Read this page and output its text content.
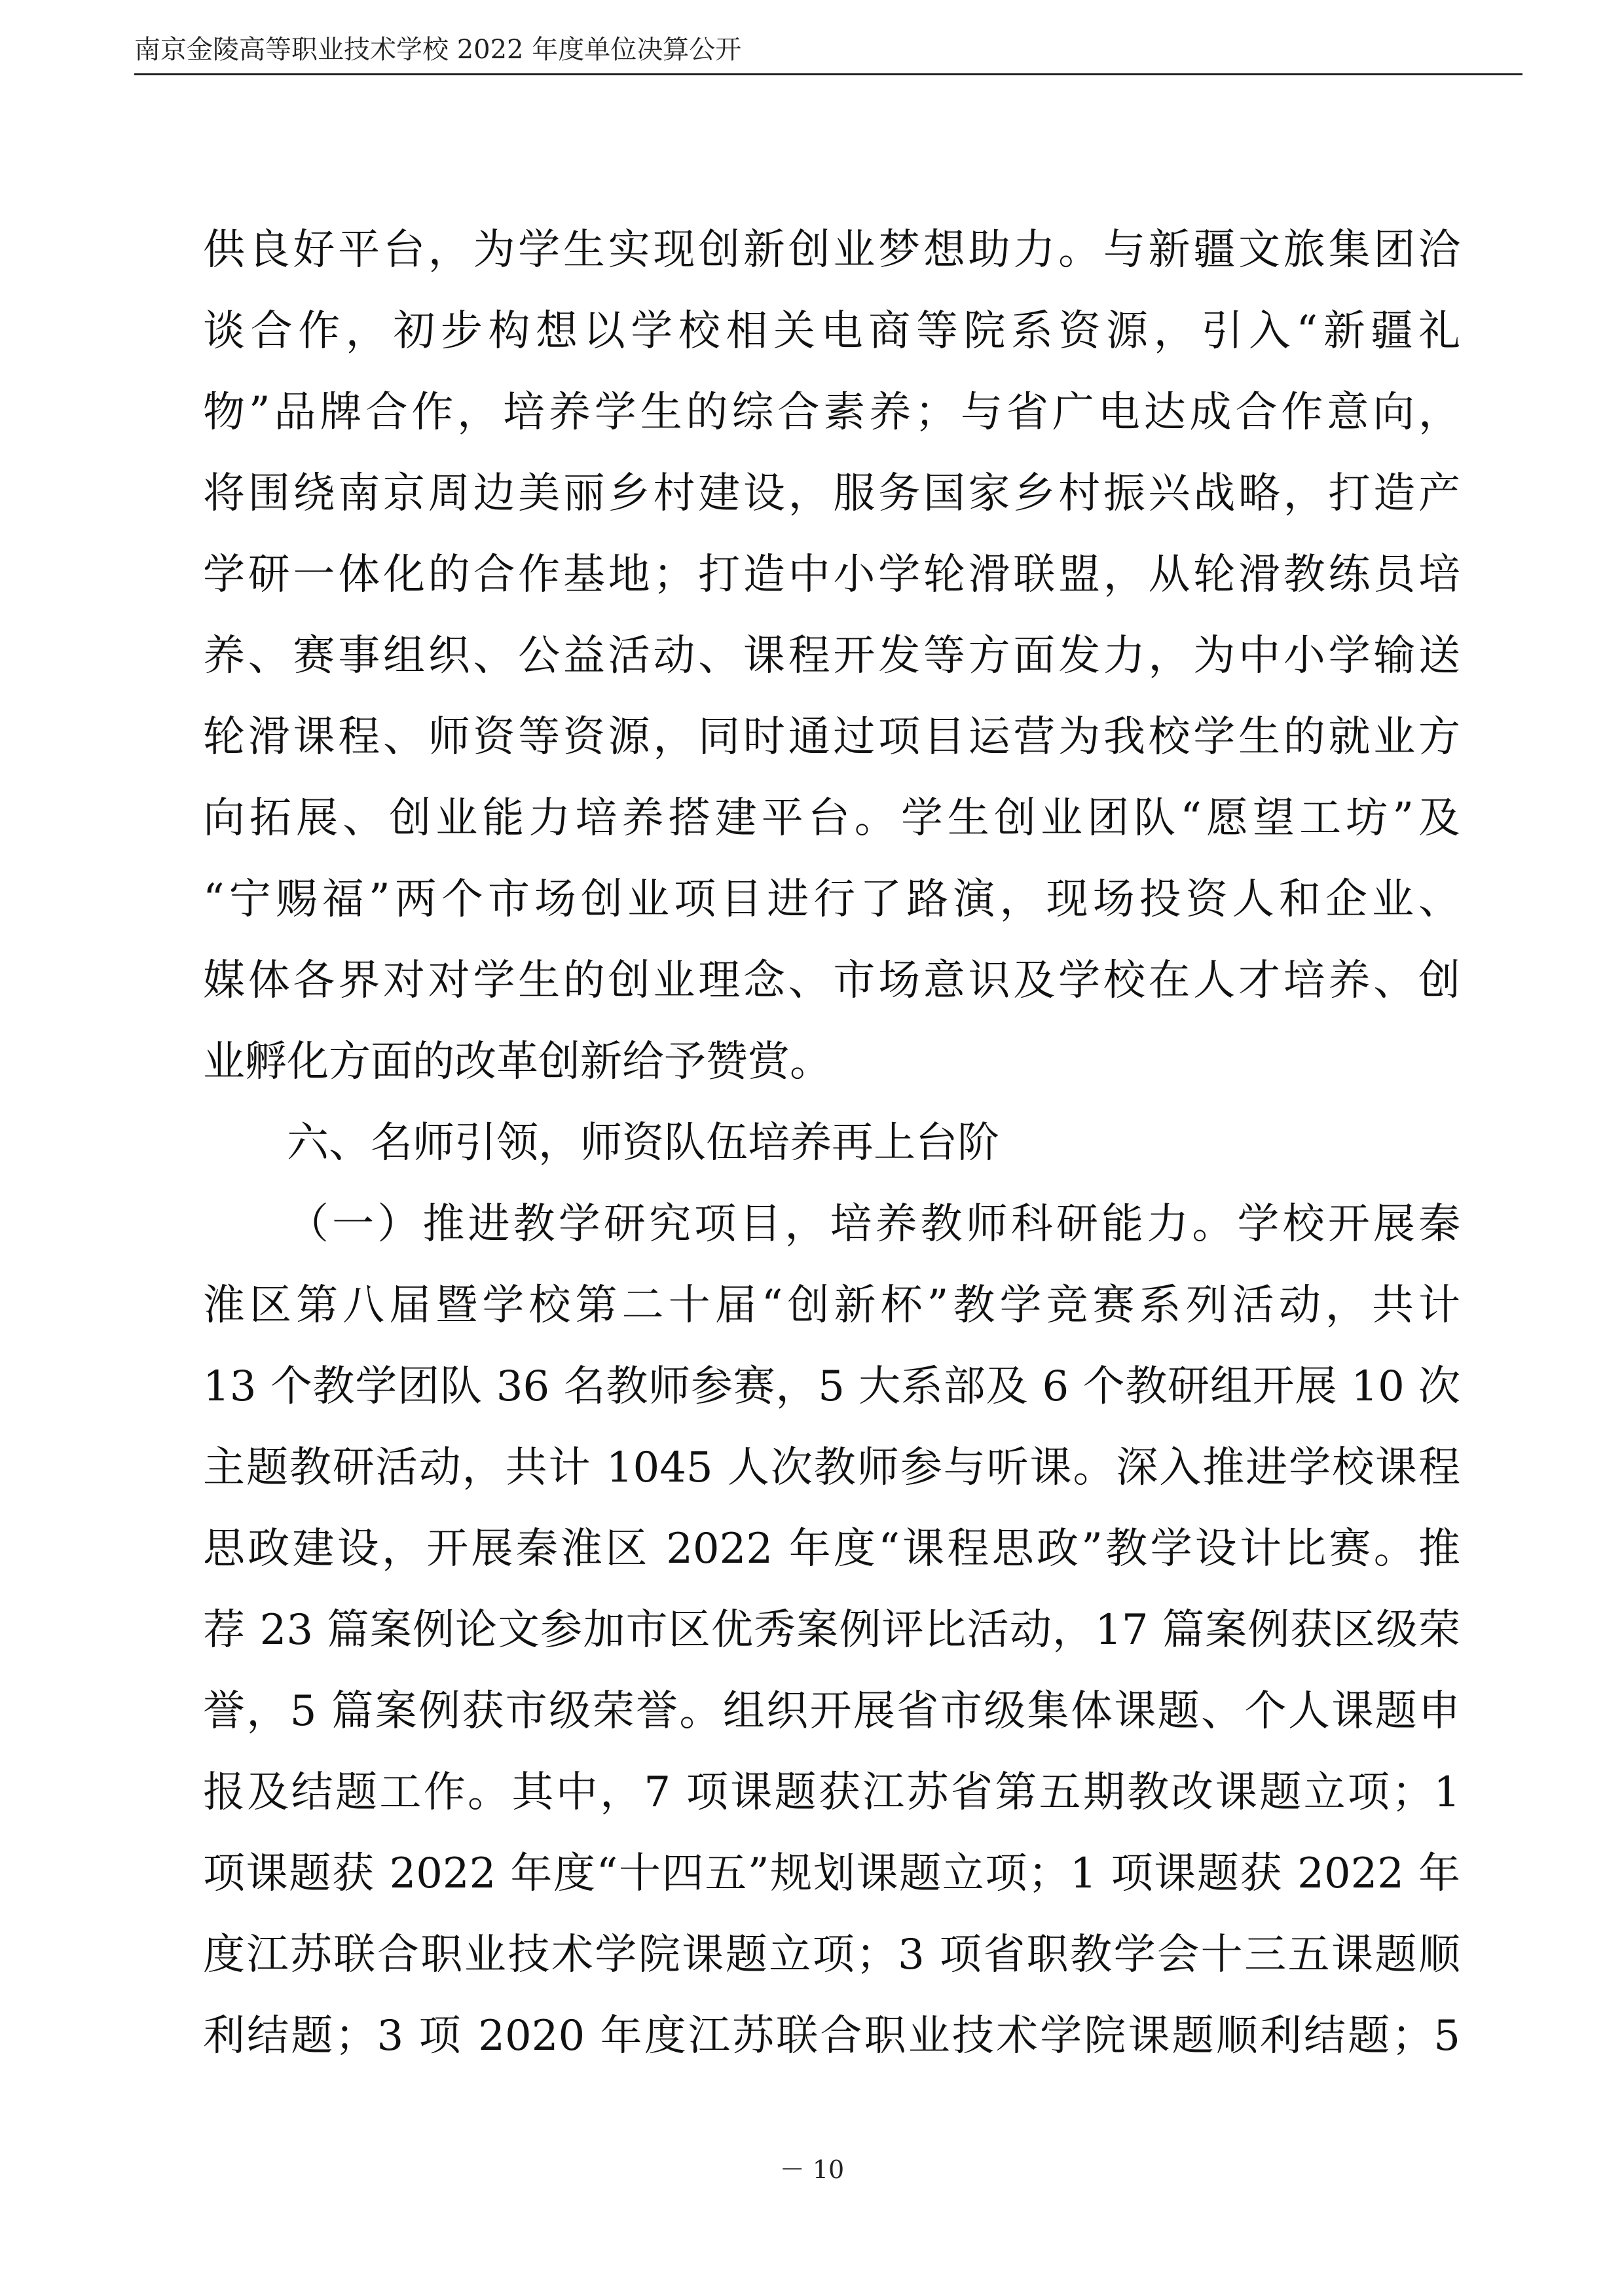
南京金陵高等职业技术学校 2022 年度单位决算公开
供良好平台，为学生实现创新创业梦想助力。与新疆文旅集团洽
谈合作，初步构想以学校相关电商等院系资源，引入“新疆礼
物”品牌合作，培养学生的综合素养；与省广电达成合作意向，
将围绕南京周边美丽乡村建设，服务国家乡村振兴战略，打造产
学研一体化的合作基地；打造中小学轮滑联盟，从轮滑教练员培
养、赛事组织、公益活动、课程开发等方面发力，为中小学输送
轮滑课程、师资等资源，同时通过项目运营为我校学生的就业方
向拓展、创业能力培养搭建平台。学生创业团队“愿望工坊”及
“宁赐福”两个市场创业项目进行了路演，现场投资人和企业、
媒体各界对对学生的创业理念、市场意识及学校在人才培养、创
业孵化方面的改革创新给予赞赏。
六、名师引领，师资队伍培养再上台阶
（一）推进教学研究项目，培养教师科研能力。学校开展秦
淮区第八届暨学校第二十届“创新杯”教学竞赛系列活动，共计
13 个教学团队 36 名教师参赛，5 大系部及 6 个教研组开展 10 次
主题教研活动，共计 1045 人次教师参与听课。深入推进学校课程
思政建设，开展秦淮区 2022 年度“课程思政”教学设计比赛。推
荐 23 篇案例论文参加市区优秀案例评比活动，17 篇案例获区级荣
誉，5 篇案例获市级荣誉。组织开展省市级集体课题、个人课题申
报及结题工作。其中，7 项课题获江苏省第五期教改课题立项；1
项课题获 2022 年度“十四五”规划课题立项；1 项课题获 2022 年
度江苏联合职业技术学院课题立项；3 项省职教学会十三五课题顺
利结题；3 项 2020 年度江苏联合职业技术学院课题顺利结题；5
－ 10
